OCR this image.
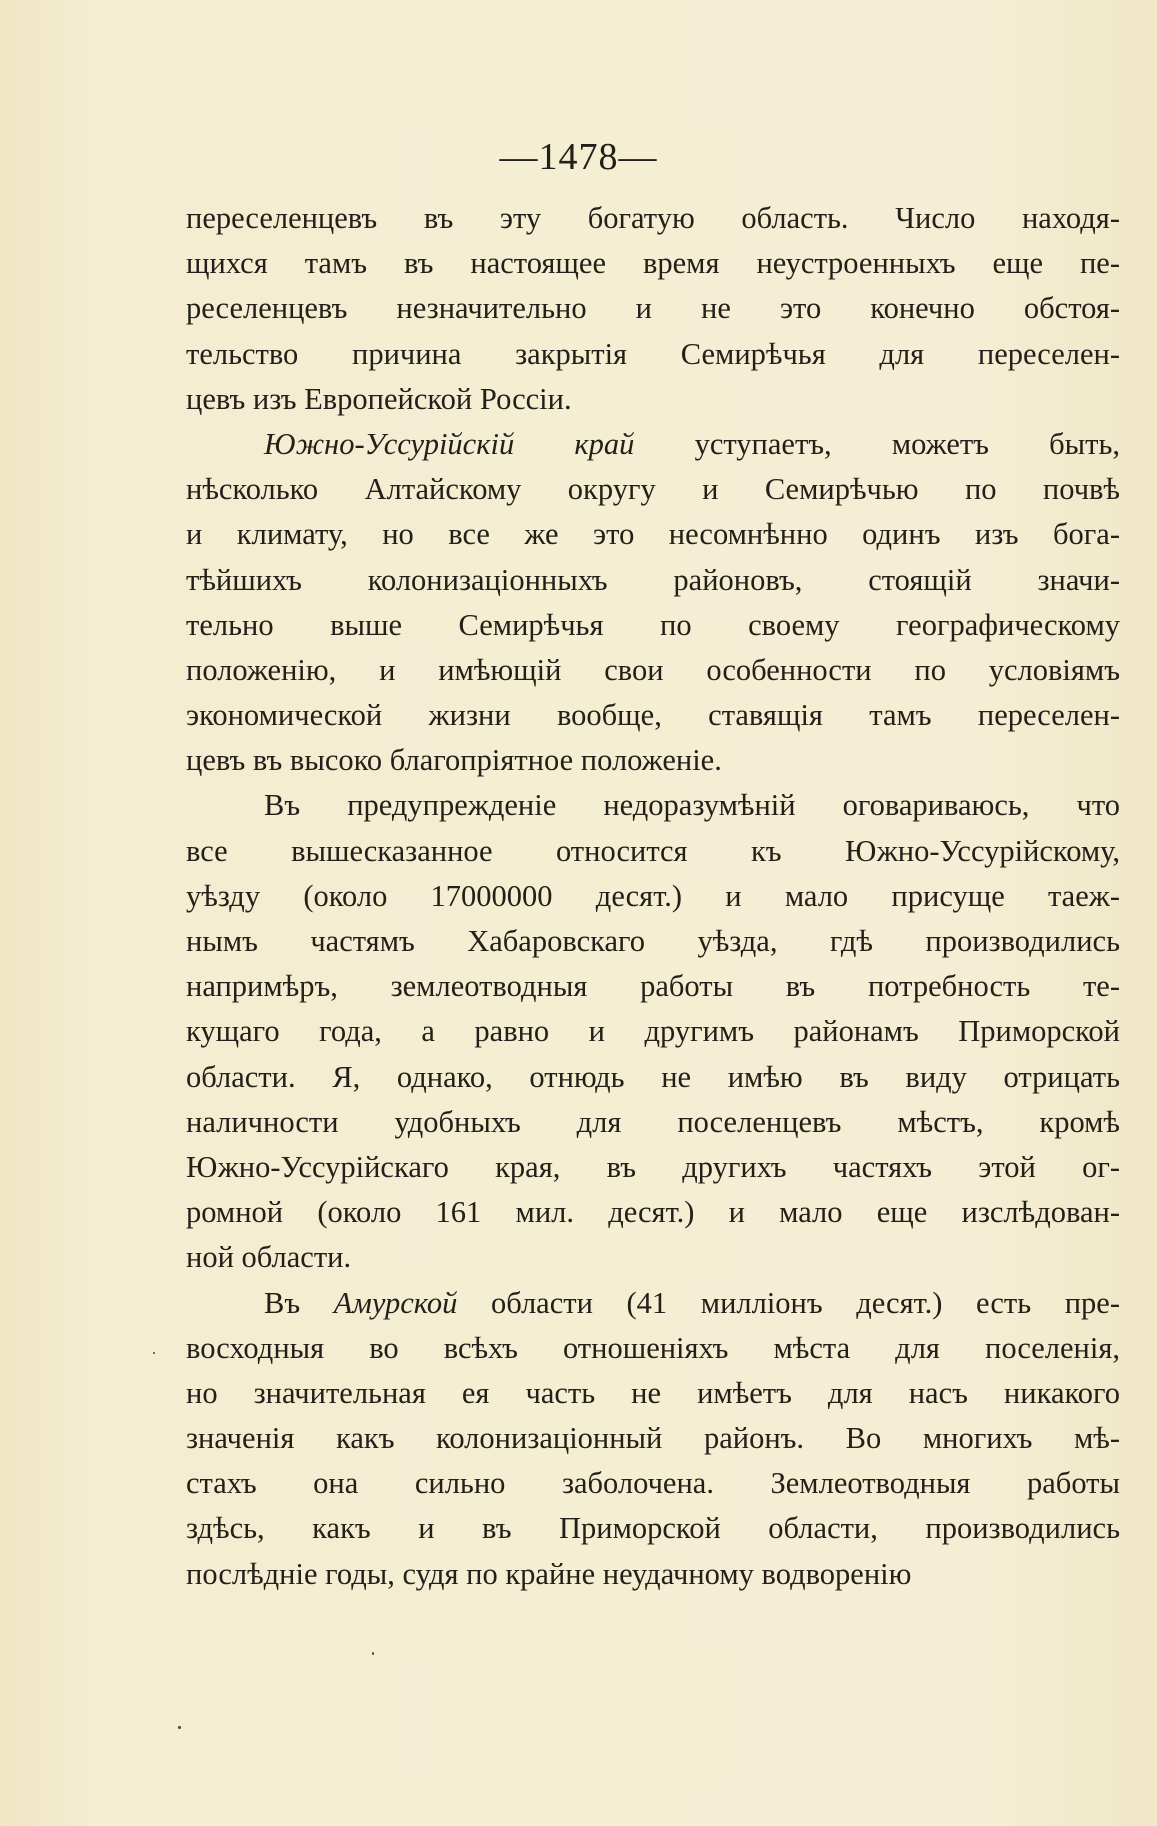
—1478—
переселенцевъ въ эту богатую область. Число находя-
щихся тамъ въ настоящее время неустроенныхъ еще пе-
реселенцевъ незначительно и не это конечно обстоя-
тельство причина закрытія Семирѣчья для переселен-
цевъ изъ Европейской Россіи.
Южно-Уссурійскій край уступаетъ, можетъ быть,
нѣсколько Алтайскому округу и Семирѣчью по почвѣ
и климату, но все же это несомнѣнно одинъ изъ бога-
тѣйшихъ колонизаціонныхъ районовъ, стоящій значи-
тельно выше Семирѣчья по своему географическому
положенію, и имѣющій свои особенности по условіямъ
экономической жизни вообще, ставящія тамъ переселен-
цевъ въ высоко благопріятное положеніе.
Въ предупрежденіе недоразумѣній оговариваюсь, что
все вышесказанное относится къ Южно-Уссурійскому,
уѣзду (около 17000000 десят.) и мало присуще таеж-
нымъ частямъ Хабаровскаго уѣзда, гдѣ производились
напримѣръ, землеотводныя работы въ потребность те-
кущаго года, а равно и другимъ районамъ Приморской
области. Я, однако, отнюдь не имѣю въ виду отрицать
наличности удобныхъ для поселенцевъ мѣстъ, кромѣ
Южно-Уссурійскаго края, въ другихъ частяхъ этой ог-
ромной (около 161 мил. десят.) и мало еще изслѣдован-
ной области.
Въ Амурской области (41 милліонъ десят.) есть пре-
восходныя во всѣхъ отношеніяхъ мѣста для поселенія,
но значительная ея часть не имѣетъ для насъ никакого
значенія какъ колонизаціонный районъ. Во многихъ мѣ-
стахъ она сильно заболочена. Землеотводныя работы
здѣсь, какъ и въ Приморской области, производились
послѣдніе годы, судя по крайне неудачному водворенію
